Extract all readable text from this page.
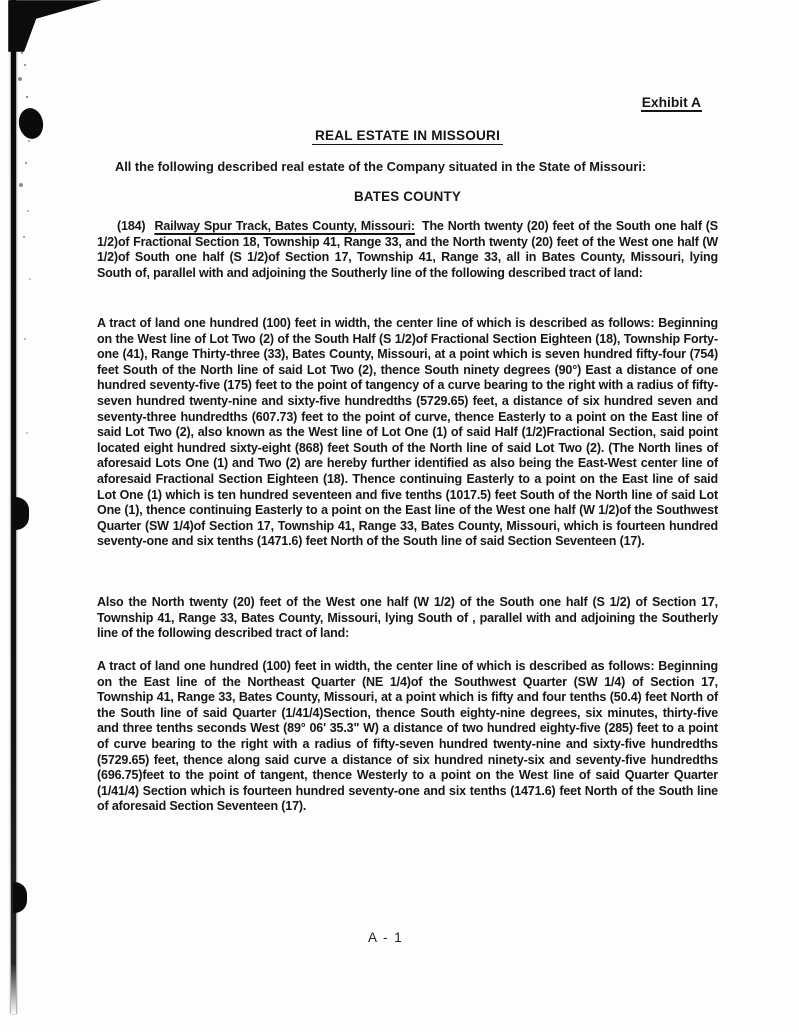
Exhibit A
REAL ESTATE IN MISSOURI

All the following described real estate of the Company situated in the State of Missouri:

BATES COUNTY

(184) Railway Spur Track, Bates County, Missouri: The North twenty (20) feet of the South one half (S 1/2)of Fractional Section 18, Township 41, Range 33, and the North twenty (20) feet of the West one half (W 1/2)of South one half (S 1/2)of Section 17, Township 41, Range 33, all in Bates County, Missouri, lying South of, parallel with and adjoining the Southerly line of the following described tract of land:

A tract of land one hundred (100) feet in width, the center line of which is described as follows: Beginning on the West line of Lot Two (2) of the South Half (S 1/2)of Fractional Section Eighteen (18), Township Forty-one (41), Range Thirty-three (33), Bates County, Missouri, at a point which is seven hundred fifty-four (754) feet South of the North line of said Lot Two (2), thence South ninety degrees (90°) East a distance of one hundred seventy-five (175) feet to the point of tangency of a curve bearing to the right with a radius of fifty-seven hundred twenty-nine and sixty-five hundredths (5729.65) feet, a distance of six hundred seven and seventy-three hundredths (607.73) feet to the point of curve, thence Easterly to a point on the East line of said Lot Two (2), also known as the West line of Lot One (1) of said Half (1/2)Fractional Section, said point located eight hundred sixty-eight (868) feet South of the North line of said Lot Two (2). (The North lines of aforesaid Lots One (1) and Two (2) are hereby further identified as also being the East-West center line of aforesaid Fractional Section Eighteen (18). Thence continuing Easterly to a point on the East line of said Lot One (1) which is ten hundred seventeen and five tenths (1017.5) feet South of the North line of said Lot One (1), thence continuing Easterly to a point on the East line of the West one half (W 1/2)of the Southwest Quarter (SW 1/4)of Section 17, Township 41, Range 33, Bates County, Missouri, which is fourteen hundred seventy-one and six tenths (1471.6) feet North of the South line of said Section Seventeen (17).

Also the North twenty (20) feet of the West one half (W 1/2) of the South one half (S 1/2) of Section 17, Township 41, Range 33, Bates County, Missouri, lying South of , parallel with and adjoining the Southerly line of the following described tract of land:

A tract of land one hundred (100) feet in width, the center line of which is described as follows: Beginning on the East line of the Northeast Quarter (NE 1/4)of the Southwest Quarter (SW 1/4) of Section 17, Township 41, Range 33, Bates County, Missouri, at a point which is fifty and four tenths (50.4) feet North of the South line of said Quarter (1/41/4)Section, thence South eighty-nine degrees, six minutes, thirty-five and three tenths seconds West (89° 06' 35.3" W) a distance of two hundred eighty-five (285) feet to a point of curve bearing to the right with a radius of fifty-seven hundred twenty-nine and sixty-five hundredths (5729.65) feet, thence along said curve a distance of six hundred ninety-six and seventy-five hundredths (696.75)feet to the point of tangent, thence Westerly to a point on the West line of said Quarter Quarter (1/41/4) Section which is fourteen hundred seventy-one and six tenths (1471.6) feet North of the South line of aforesaid Section Seventeen (17).

A - 1
